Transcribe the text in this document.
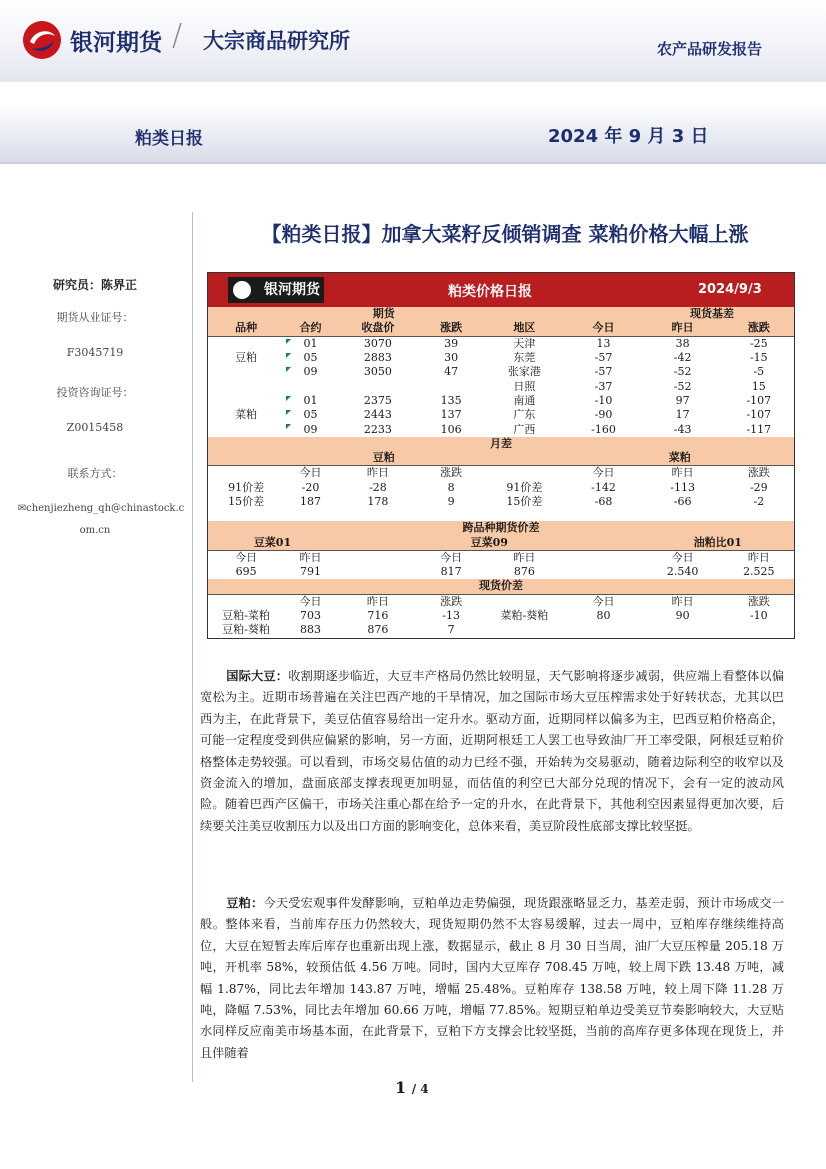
银河期货 / 大宗商品研究所	农产品研发报告
粕类日报	2024 年 9 月 3 日
【粕类日报】加拿大菜籽反倾销调查 菜粕价格大幅上涨
研究员：陈界正
期货从业证号：
F3045719
投资咨询证号：
Z0015458
联系方式：
✉chenjiezheng_qh@chinastock.c
om.cn
银河期货	粕类价格日报	2024/9/3
	期货			现货基差			
品种	合约	收盘价	涨跌	地区	今日	昨日	涨跌
	01	3070	39	天津	13	38	-25
豆粕	05	2883	30	东莞	-57	-42	-15
	09	3050	47	张家港	-57	-52	-5
				日照	-37	-52	15
	01	2375	135	南通	-10	97	-107
菜粕	05	2443	137	广东	-90	17	-107
	09	2233	106	广西	-160	-43	-117
月差							
	豆粕				菜粕		
	今日	昨日	涨跌		今日	昨日	涨跌
91价差	-20	-28	8	91价差	-142	-113	-29
15价差	187	178	9	15价差	-68	-66	-2

跨品种期货价差							
豆菜01		豆菜09				油粕比01	
今日	昨日		今日	昨日		今日	昨日
695	791		817	876		2.540	2.525
现货价差							
	今日	昨日	涨跌		今日	昨日	涨跌
豆粕-菜粕	703	716	-13	菜粕-葵粕	80	90	-10
豆粕-葵粕	883	876	7				
国际大豆：收割期逐步临近，大豆丰产格局仍然比较明显，天气影响将逐步减弱，供应端上看整体以偏宽松为主。近期市场普遍在关注巴西产地的干旱情况，加之国际市场大豆压榨需求处于好转状态，尤其以巴西为主，在此背景下，美豆估值容易给出一定升水。驱动方面，近期同样以偏多为主，巴西豆粕价格高企，可能一定程度受到供应偏紧的影响，另一方面，近期阿根廷工人罢工也导致油厂开工率受限，阿根廷豆粕价格整体走势较强。可以看到，市场交易估值的动力已经不强，开始转为交易驱动，随着边际利空的收窄以及资金流入的增加，盘面底部支撑表现更加明显，而估值的利空已大部分兑现的情况下，会有一定的波动风险。随着巴西产区偏干，市场关注重心都在给予一定的升水，在此背景下，其他利空因素显得更加次要，后续要关注美豆收割压力以及出口方面的影响变化，总体来看，美豆阶段性底部支撑比较坚挺。
豆粕：今天受宏观事件发酵影响，豆粕单边走势偏强，现货跟涨略显乏力，基差走弱，预计市场成交一般。整体来看，当前库存压力仍然较大，现货短期仍然不太容易缓解，过去一周中，豆粕库存继续维持高位，大豆在短暂去库后库存也重新出现上涨，数据显示，截止 8 月 30 日当周，油厂大豆压榨量 205.18 万吨，开机率 58%，较预估低 4.56 万吨。同时，国内大豆库存 708.45 万吨，较上周下跌 13.48 万吨，减幅 1.87%，同比去年增加 143.87 万吨，增幅 25.48%。豆粕库存 138.58 万吨，较上周下降 11.28 万吨，降幅 7.53%，同比去年增加 60.66 万吨，增幅 77.85%。短期豆粕单边受美豆节奏影响较大，大豆贴水同样反应南美市场基本面，在此背景下，豆粕下方支撑会比较坚挺，当前的高库存更多体现在现货上，并且伴随着
1 / 4
